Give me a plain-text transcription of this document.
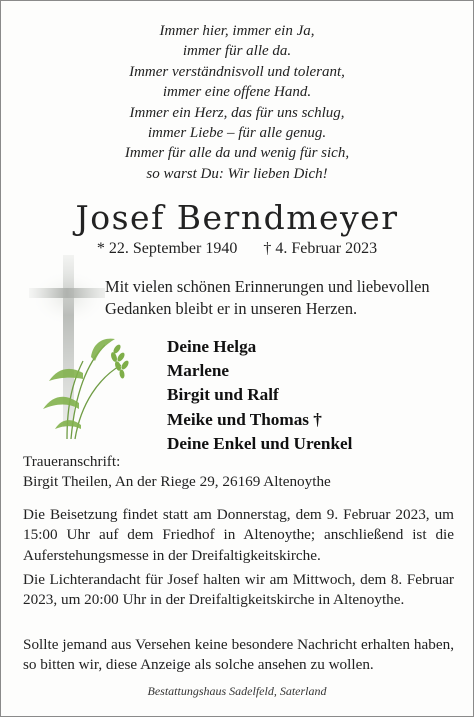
Immer hier, immer ein Ja,
immer für alle da.
Immer verständnisvoll und tolerant,
immer eine offene Hand.
Immer ein Herz, das für uns schlug,
immer Liebe – für alle genug.
Immer für alle da und wenig für sich,
so warst Du: Wir lieben Dich!
Josef Berndmeyer
* 22. September 1940 † 4. Februar 2023
Mit vielen schönen Erinnerungen und liebevollen Gedanken bleibt er in unseren Herzen.
Deine Helga
Marlene
Birgit und Ralf
Meike und Thomas †
Deine Enkel und Urenkel
Traueranschrift:
Birgit Theilen, An der Riege 29, 26169 Altenoythe
Die Beisetzung findet statt am Donnerstag, dem 9. Februar 2023, um 15:00 Uhr auf dem Friedhof in Altenoythe; anschließend ist die Auferstehungsmesse in der Dreifaltigkeitskirche.
Die Lichterandacht für Josef halten wir am Mittwoch, dem 8. Februar 2023, um 20:00 Uhr in der Dreifaltigkeitskirche in Altenoythe.
Sollte jemand aus Versehen keine besondere Nachricht erhalten haben, so bitten wir, diese Anzeige als solche ansehen zu wollen.
Bestattungshaus Sadelfeld, Saterland
